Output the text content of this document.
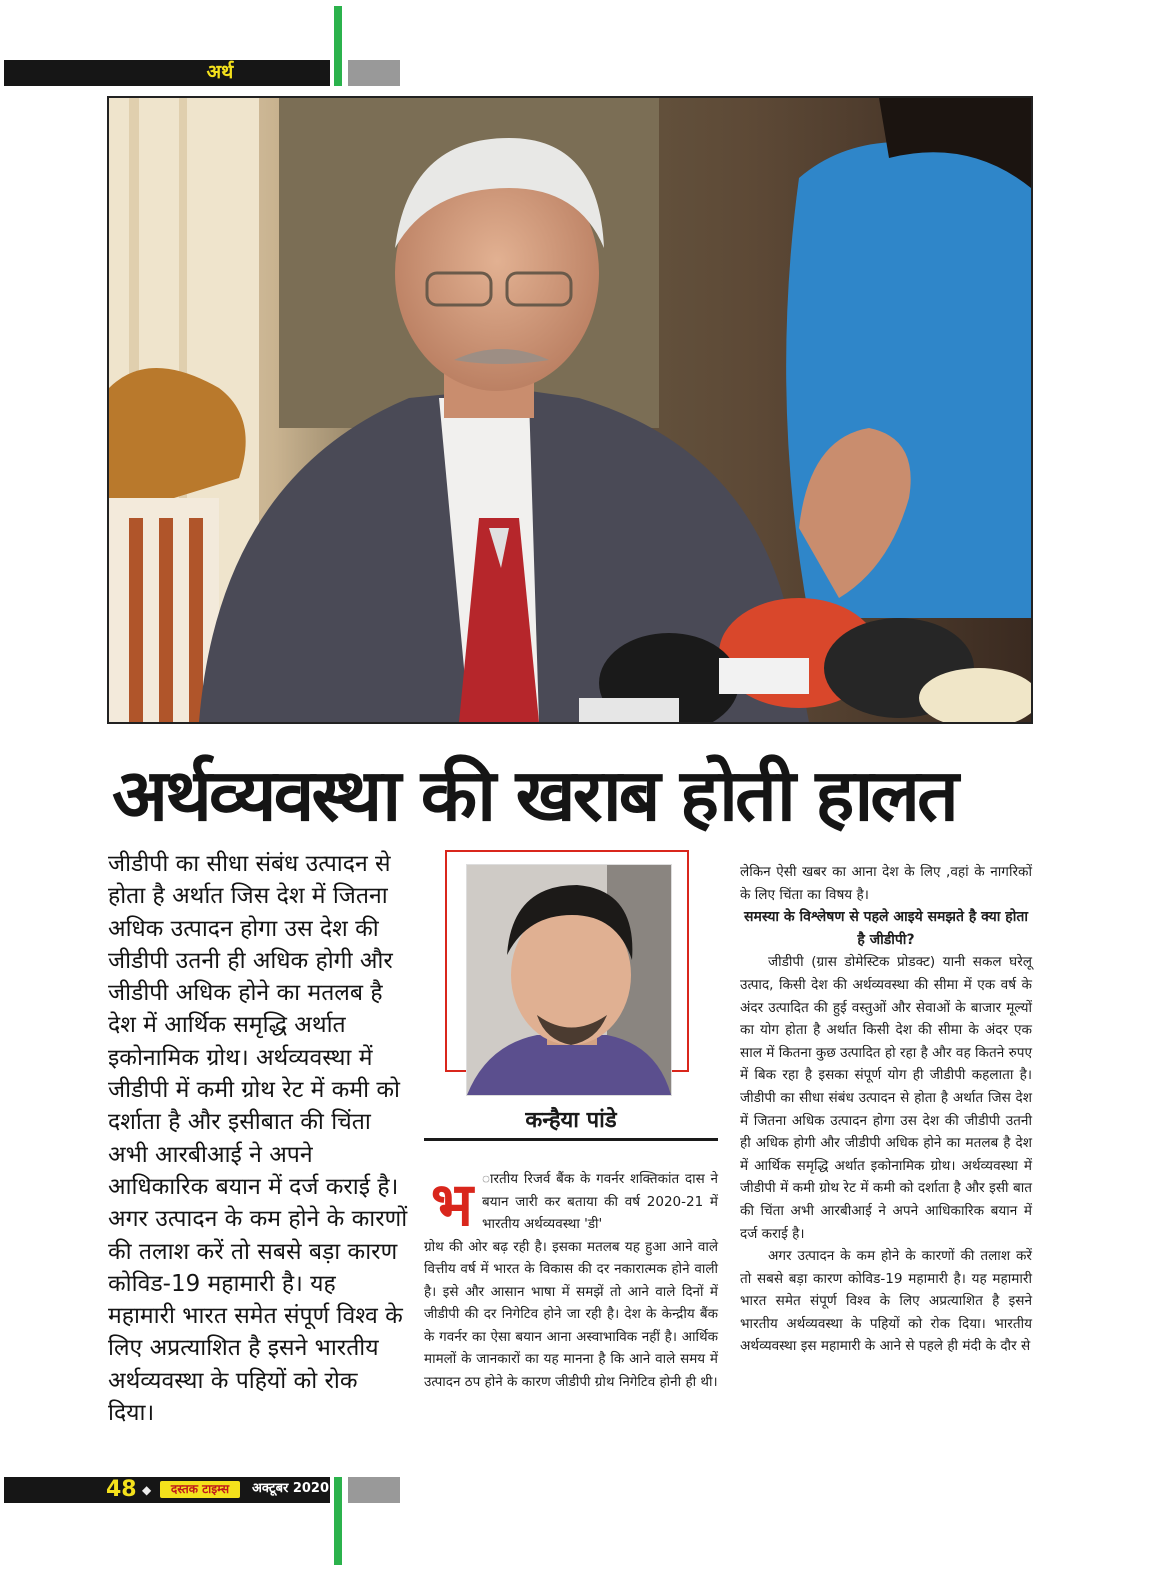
अर्थ
अर्थव्यवस्था की खराब होती हालत
जीडीपी का सीधा संबंध उत्पादन से होता है अर्थात जिस देश में जितना अधिक उत्पादन होगा उस देश की जीडीपी उतनी ही अधिक होगी और जीडीपी अधिक होने का मतलब है देश में आर्थिक समृद्धि अर्थात इकोनामिक ग्रोथ। अर्थव्यवस्था में जीडीपी में कमी ग्रोथ रेट में कमी को दर्शाता है और इसीबात की चिंता अभी आरबीआई ने अपने आधिकारिक बयान में दर्ज कराई है। अगर उत्पादन के कम होने के कारणों की तलाश करें तो सबसे बड़ा कारण कोविड-19 महामारी है। यह महामारी भारत समेत संपूर्ण विश्व के लिए अप्रत्याशित है इसने भारतीय अर्थव्यवस्था के पहियों को रोक दिया।
कन्हैया पांडे
भ ारतीय रिजर्व बैंक के गवर्नर शक्तिकांत दास ने बयान जारी कर बताया की वर्ष 2020-21 में भारतीय अर्थव्यवस्था 'डी'
ग्रोथ की ओर बढ़ रही है। इसका मतलब यह हुआ आने वाले वित्तीय वर्ष में भारत के विकास की दर नकारात्मक होने वाली है। इसे और आसान भाषा में समझें तो आने वाले दिनों में जीडीपी की दर निगेटिव होने जा रही है। देश के केन्द्रीय बैंक के गवर्नर का ऐसा बयान आना अस्वाभाविक नहीं है। आर्थिक मामलों के जानकारों का यह मानना है कि आने वाले समय में उत्पादन ठप होने के कारण जीडीपी ग्रोथ निगेटिव होनी ही थी।

लेकिन ऐसी खबर का आना देश के लिए ,वहां के नागरिकों के लिए चिंता का विषय है।

समस्या के विश्लेषण से पहले आइये समझते है क्या होता है जीडीपी?

जीडीपी (ग्रास डोमेस्टिक प्रोडक्ट) यानी सकल घरेलू उत्पाद, किसी देश की अर्थव्यवस्था की सीमा में एक वर्ष के अंदर उत्पादित की हुई वस्तुओं और सेवाओं के बाजार मूल्यों का योग होता है अर्थात किसी देश की सीमा के अंदर एक साल में कितना कुछ उत्पादित हो रहा है और वह कितने रुपए में बिक रहा है इसका संपूर्ण योग ही जीडीपी कहलाता है। जीडीपी का सीधा संबंध उत्पादन से होता है अर्थात जिस देश में जितना अधिक उत्पादन होगा उस देश की जीडीपी उतनी ही अधिक होगी और जीडीपी अधिक होने का मतलब है देश में आर्थिक समृद्धि अर्थात इकोनामिक ग्रोथ। अर्थव्यवस्था में जीडीपी में कमी ग्रोथ रेट में कमी को दर्शाता है और इसी बात की चिंता अभी आरबीआई ने अपने आधिकारिक बयान में दर्ज कराई है।

अगर उत्पादन के कम होने के कारणों की तलाश करें तो सबसे बड़ा कारण कोविड-19 महामारी है। यह महामारी भारत समेत संपूर्ण विश्व के लिए अप्रत्याशित है इसने भारतीय अर्थव्यवस्था के पहियों को रोक दिया। भारतीय अर्थव्यवस्था इस महामारी के आने से पहले ही मंदी के दौर से

48 ◆	दस्तक टाइम्स	अक्टूबर 2020
